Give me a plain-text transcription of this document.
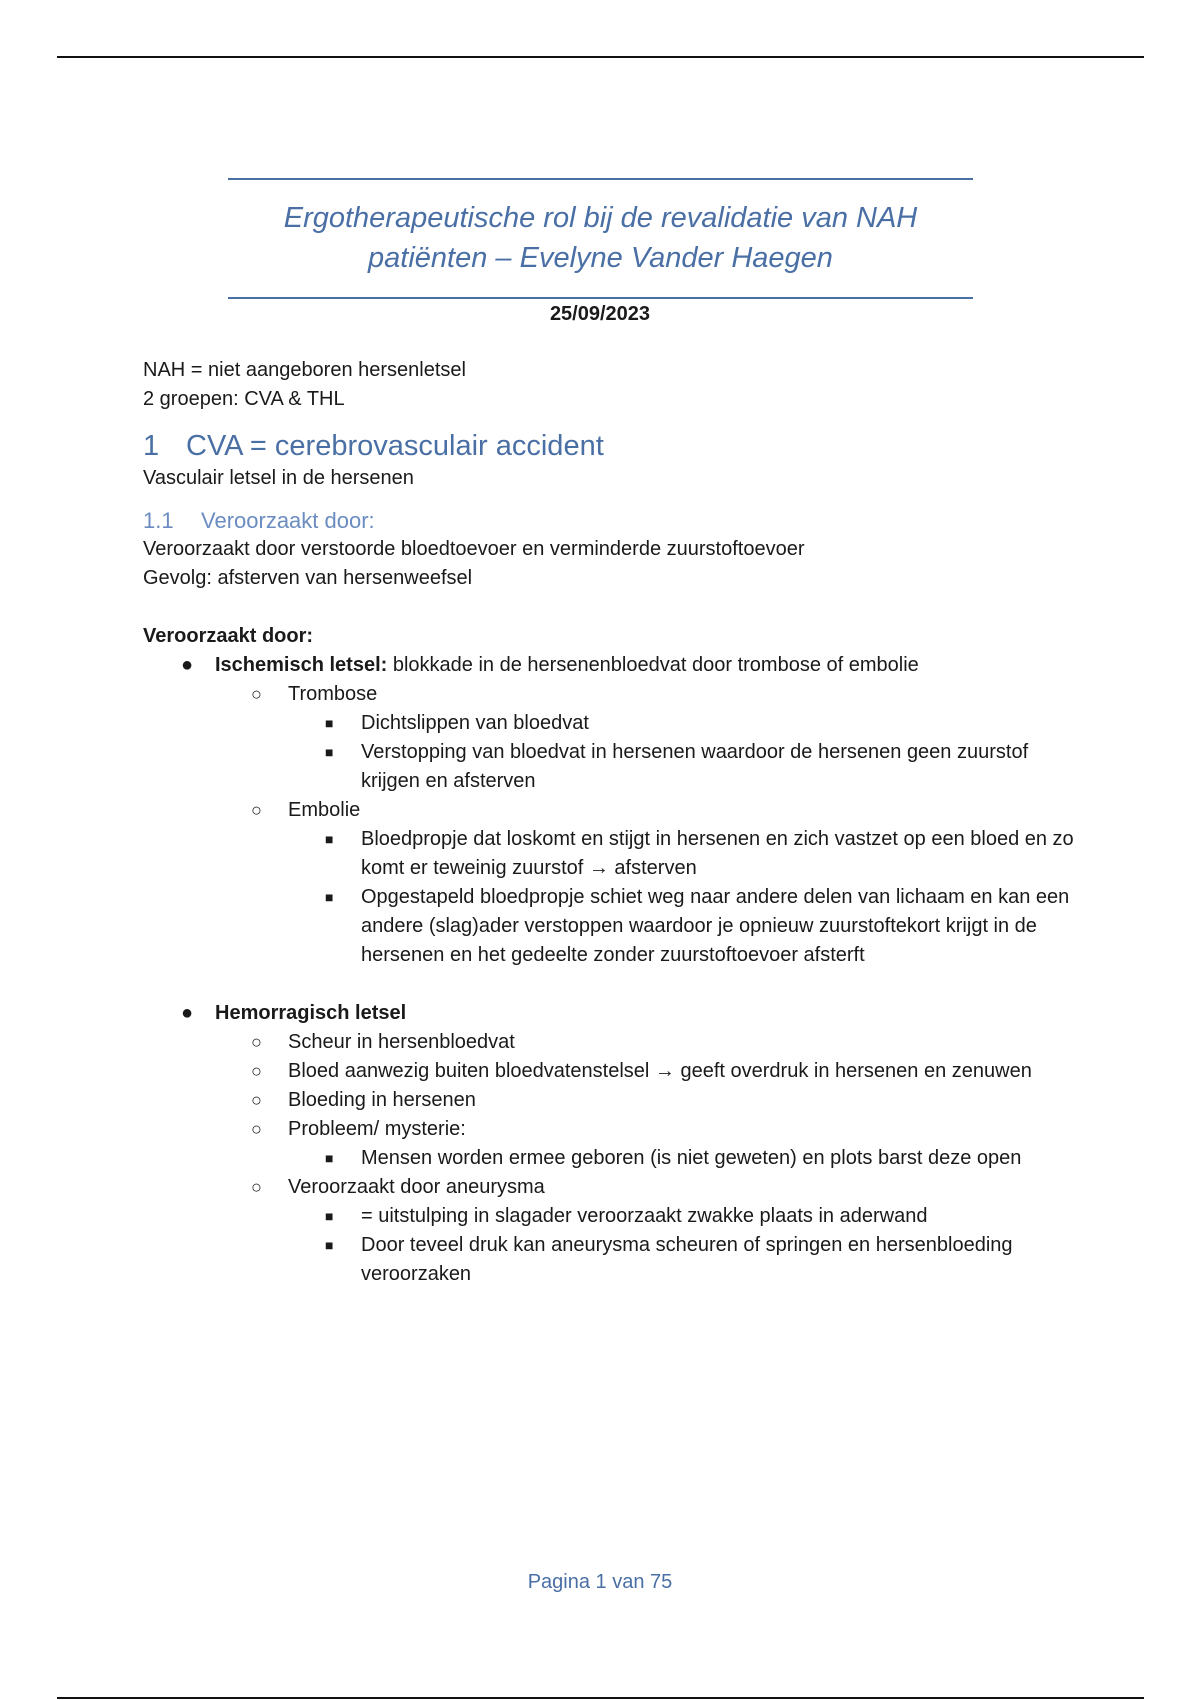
Ergotherapeutische rol bij de revalidatie van NAH
patiënten – Evelyne Vander Haegen
25/09/2023

NAH = niet aangeboren hersenletsel

2 groepen: CVA & THL

1 CVA = cerebrovasculair accident

Vasculair letsel in de hersenen

1.1 Veroorzaakt door:

Veroorzaakt door verstoorde bloedtoevoer en verminderde zuurstoftoevoer

Gevolg: afsterven van hersenweefsel

Veroorzaakt door:

● Ischemisch letsel: blokkade in de hersenenbloedvat door trombose of embolie
○ Trombose
■ Dichtslippen van bloedvat
■ Verstopping van bloedvat in hersenen waardoor de hersenen geen zuurstof krijgen en afsterven
○ Embolie
■ Bloedpropje dat loskomt en stijgt in hersenen en zich vastzet op een bloed en zo komt er teweinig zuurstof → afsterven
■ Opgestapeld bloedpropje schiet weg naar andere delen van lichaam en kan een andere (slag)ader verstoppen waardoor je opnieuw zuurstoftekort krijgt in de hersenen en het gedeelte zonder zuurstoftoevoer afsterft
● Hemorragisch letsel
○ Scheur in hersenbloedvat
○ Bloed aanwezig buiten bloedvatenstelsel → geeft overdruk in hersenen en zenuwen
○ Bloeding in hersenen
○ Probleem/ mysterie:
■ Mensen worden ermee geboren (is niet geweten) en plots barst deze open
○ Veroorzaakt door aneurysma
■ = uitstulping in slagader veroorzaakt zwakke plaats in aderwand
■ Door teveel druk kan aneurysma scheuren of springen en hersenbloeding veroorzaken
Pagina 1 van 75
